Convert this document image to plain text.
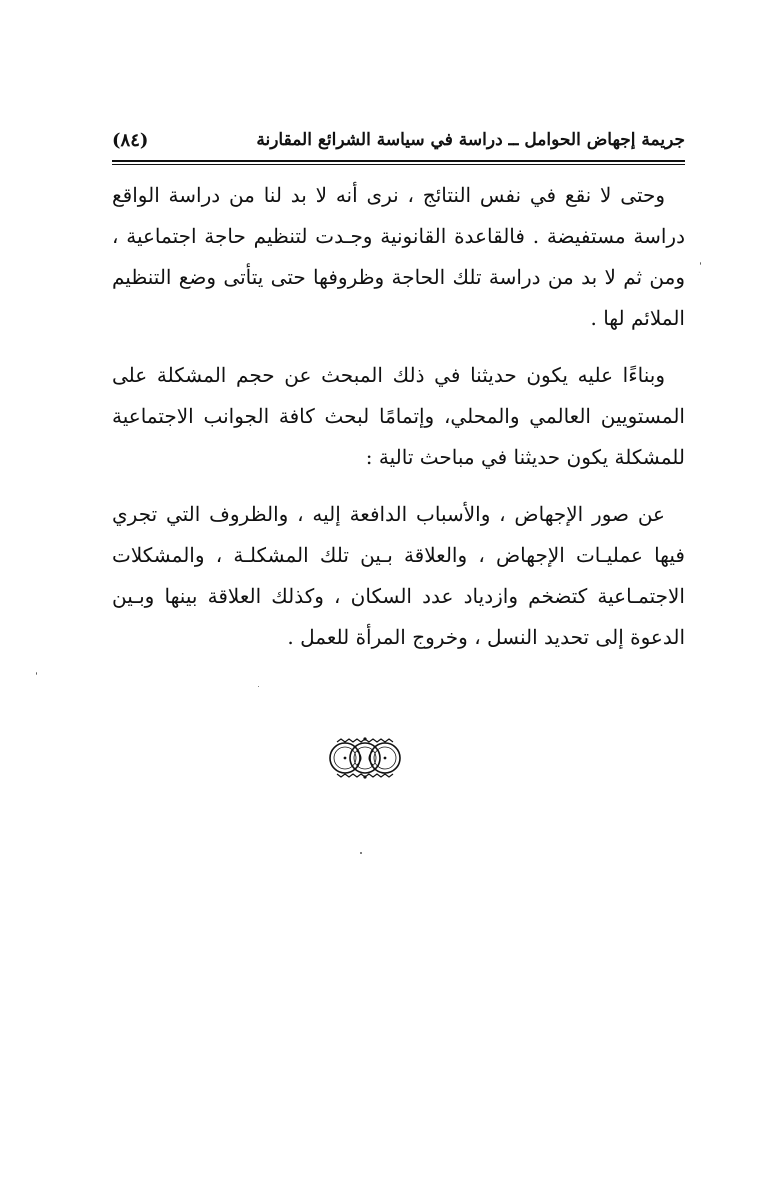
جريمة إجهاض الحوامل ــ دراسة في سياسة الشرائع المقارنة
(٨٤)

وحتى لا نقع في نفس النتائج ، نرى أنه لا بد لنا من دراسة الواقع دراسة مستفيضة . فالقاعدة القانونية وجـدت لتنظيم حاجة اجتماعية ، ومن ثم لا بد من دراسة تلك الحاجة وظروفها حتى يتأتى وضع التنظيم الملائم لها .

وبناءًا عليه يكون حديثنا في ذلك المبحث عن حجم المشكلة على المستويين العالمي والمحلي، وإتمامًا لبحث كافة الجوانب الاجتماعية للمشكلة يكون حديثنا في مباحث تالية :

عن صور الإجهاض ، والأسباب الدافعة إليه ، والظروف التي تجري فيها عمليـات الإجهاض ، والعلاقة بـين تلك المشكلـة ، والمشكلات الاجتمـاعية كتضخم وازدياد عدد السكان ، وكذلك العلاقة بينها وبـين الدعوة إلى تحديد النسل ، وخروج المرأة للعمل .
